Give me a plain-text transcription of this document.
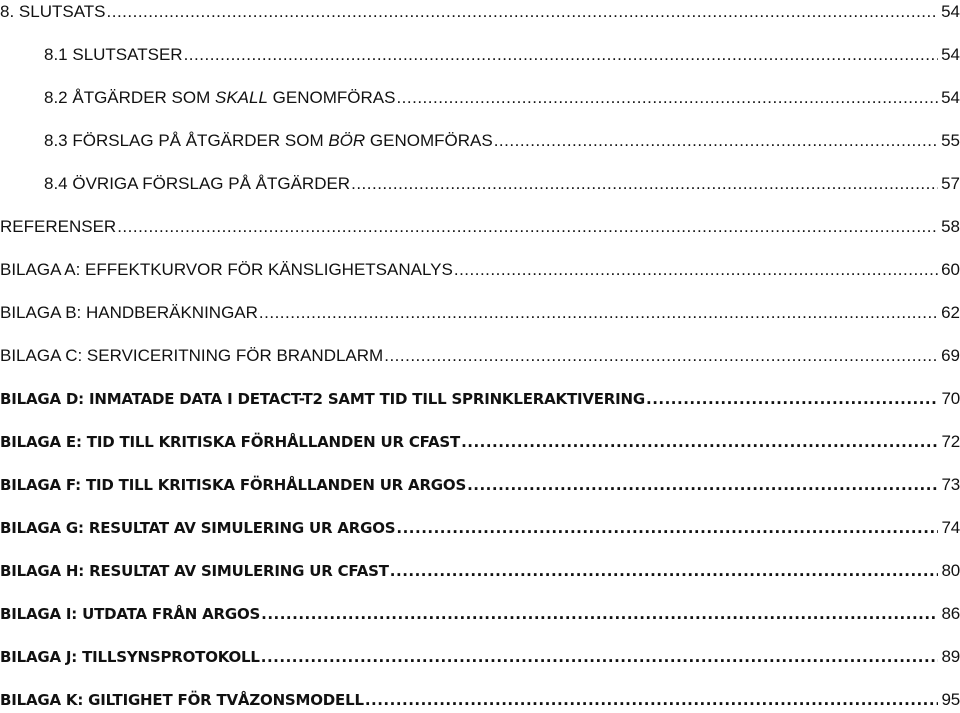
8. SLUTSATS .....	54
8.1 SLUTSATSER .....	54
8.2 ÅTGÄRDER SOM SKALL GENOMFÖRAS .....	54
8.3 FÖRSLAG PÅ ÅTGÄRDER SOM BÖR GENOMFÖRAS .....	55
8.4 ÖVRIGA FÖRSLAG PÅ ÅTGÄRDER .....	57
REFERENSER .....	58
BILAGA A: EFFEKTKURVOR FÖR KÄNSLIGHETSANALYS .....	60
BILAGA B: HANDBERÄKNINGAR .....	62
BILAGA C: SERVICERITNING FÖR BRANDLARM .....	69
BILAGA D: INMATADE DATA I DETACT-T2 SAMT TID TILL SPRINKLERAKTIVERING .....	70
BILAGA E: TID TILL KRITISKA FÖRHÅLLANDEN UR CFAST .....	72
BILAGA F: TID TILL KRITISKA FÖRHÅLLANDEN UR ARGOS .....	73
BILAGA G: RESULTAT AV SIMULERING UR ARGOS .....	74
BILAGA H: RESULTAT AV SIMULERING UR CFAST .....	80
BILAGA I: UTDATA FRÅN ARGOS .....	86
BILAGA J: TILLSYNSPROTOKOLL .....	89
BILAGA K: GILTIGHET FÖR TVÅZONSMODELL .....	95
